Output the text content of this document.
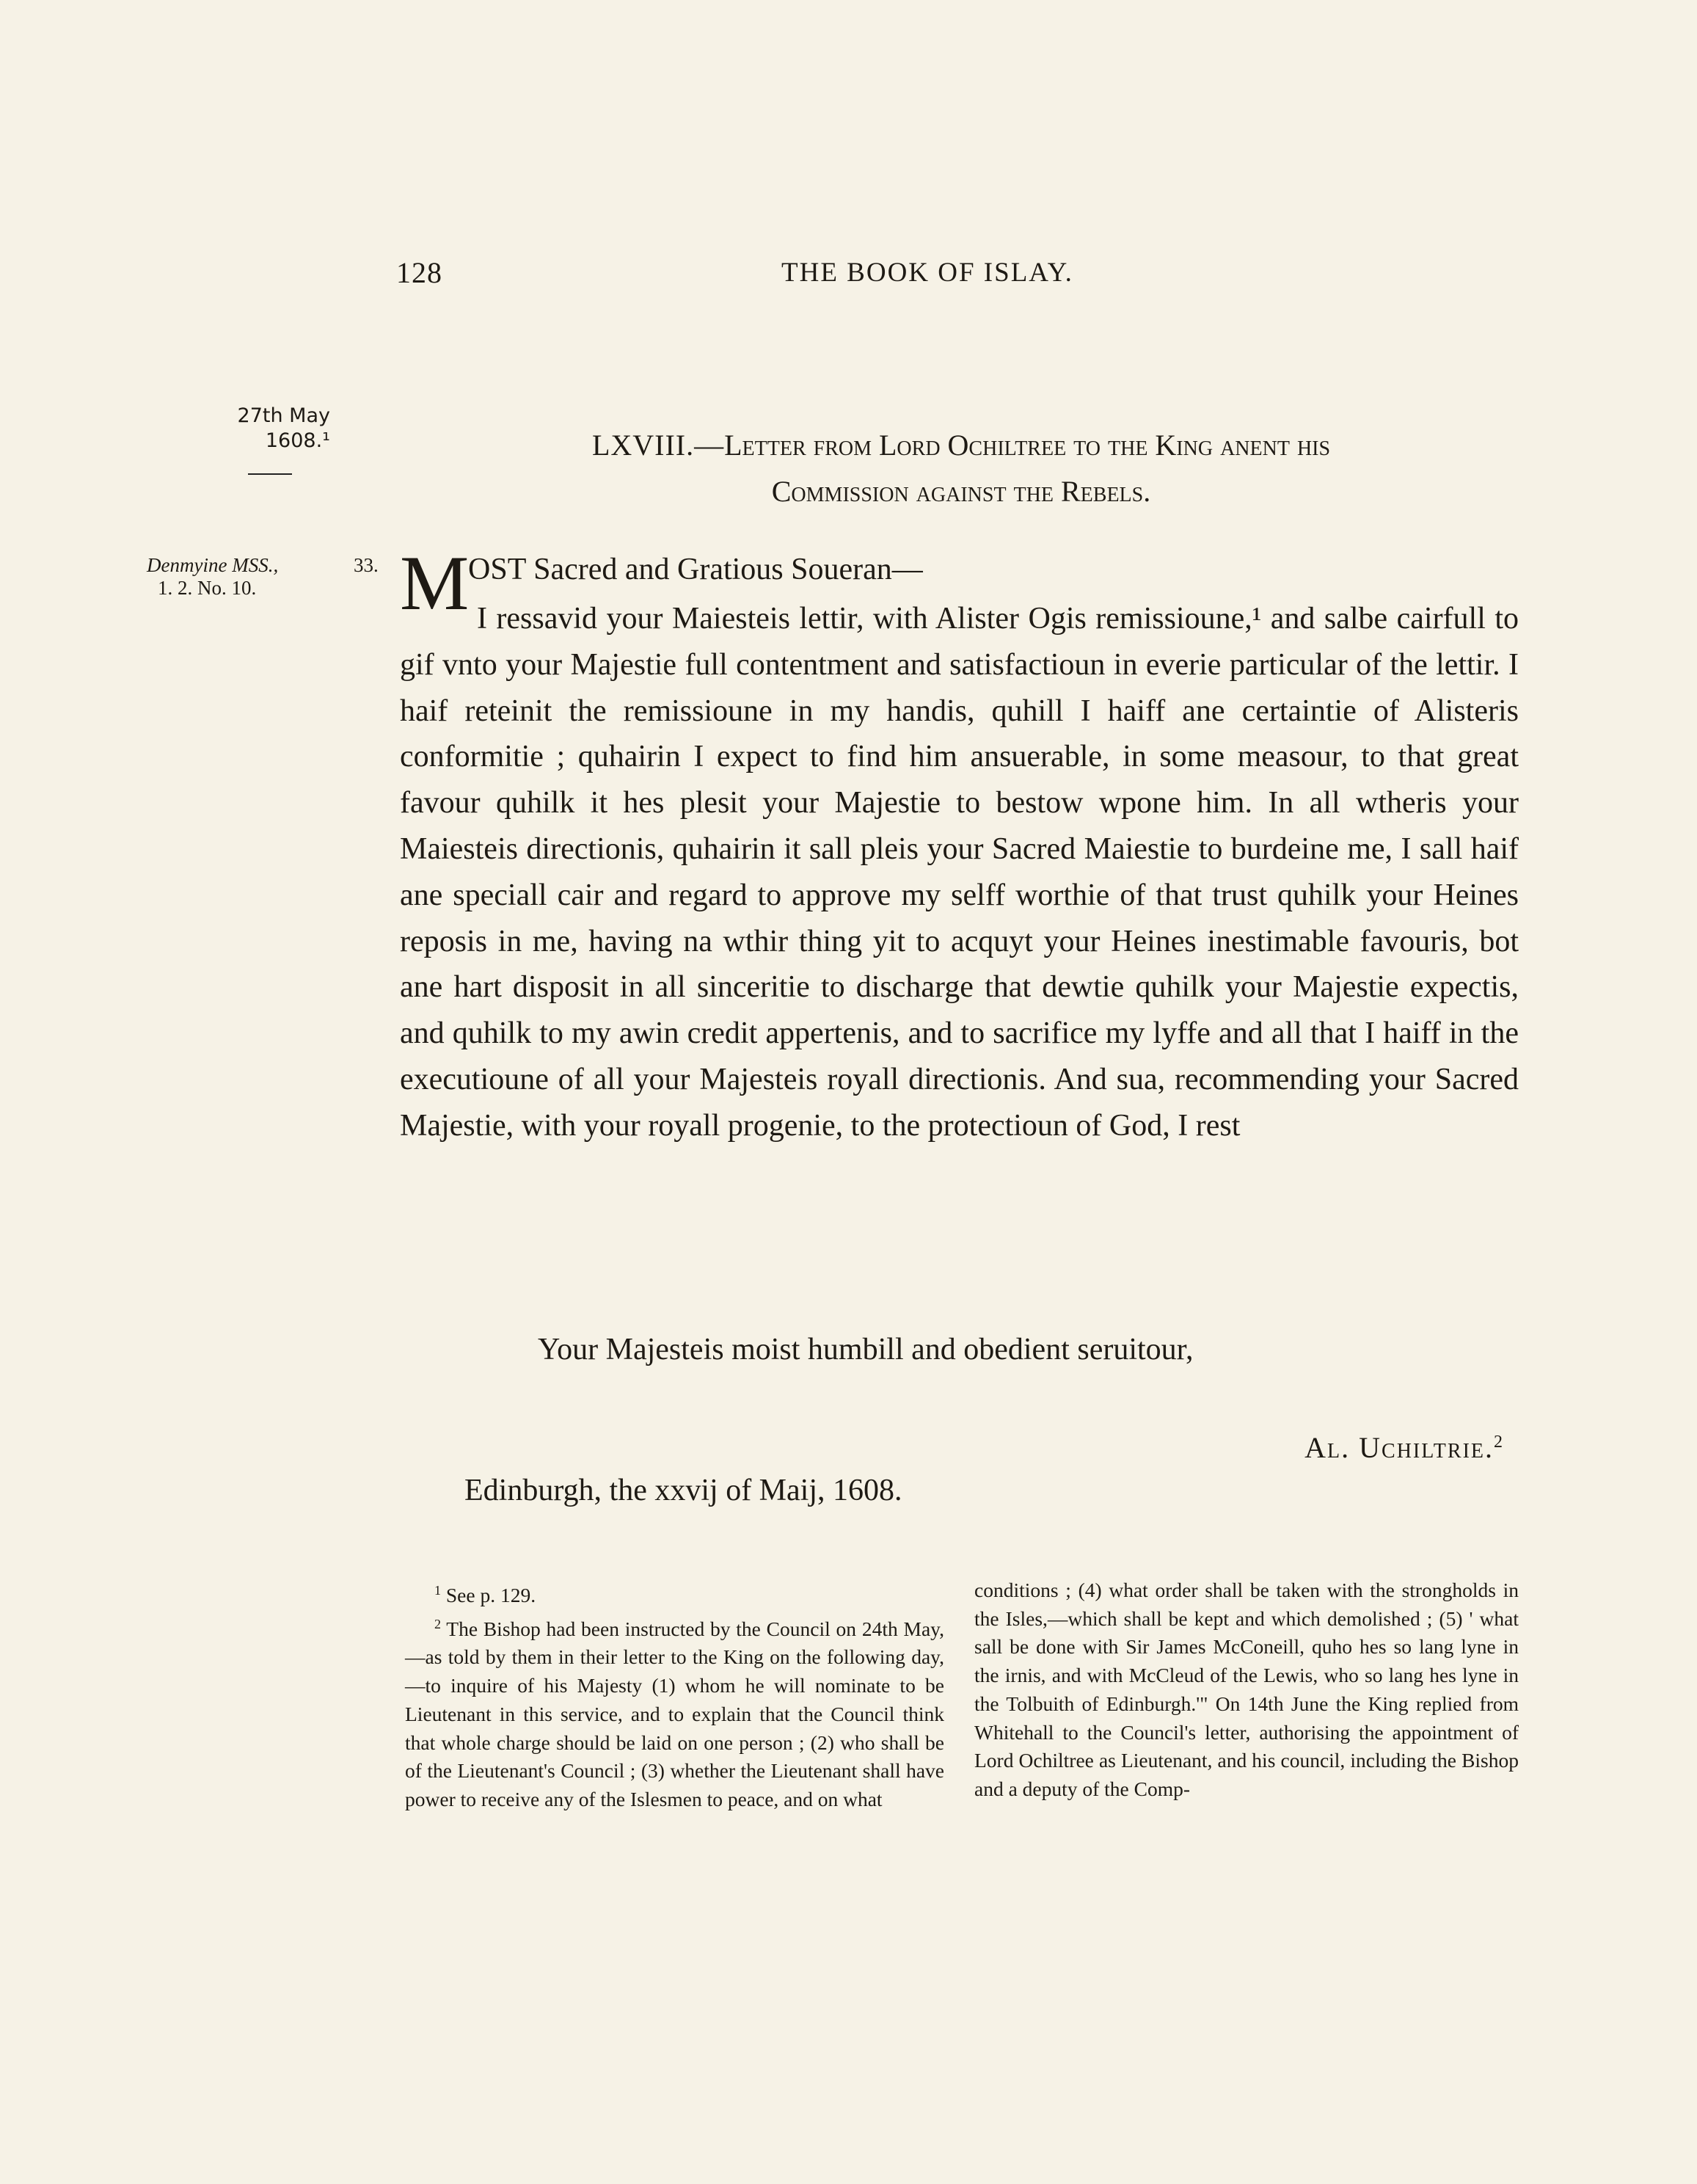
128	THE BOOK OF ISLAY.
27th May
1608.¹
Denmyine MSS.,	33.
1. 2. No. 10.
LXVIII.—Letter from Lord Ochiltree to the King anent his
Commission against the Rebels.
M
OST Sacred and Gratious Soueran—

I ressavid your Maiesteis lettir, with Alister Ogis remissioune,¹ and salbe cairfull to gif vnto your Majestie full contentment and satisfactioun in everie particular of the lettir. I haif reteinit the remissioune in my handis, quhill I haiff ane certaintie of Alisteris conformitie ; quhairin I expect to find him ansuerable, in some measour, to that great favour quhilk it hes plesit your Majestie to bestow wpone him. In all wtheris your Maiesteis directionis, quhairin it sall pleis your Sacred Maiestie to burdeine me, I sall haif ane speciall cair and regard to approve my selff worthie of that trust quhilk your Heines reposis in me, having na wthir thing yit to acquyt your Heines inestimable favouris, bot ane hart disposit in all sinceritie to discharge that dewtie quhilk your Majestie expectis, and quhilk to my awin credit appertenis, and to sacrifice my lyffe and all that I haiff in the executioune of all your Majesteis royall directionis. And sua, recommending your Sacred Majestie, with your royall progenie, to the protectioun of God, I rest

Your Majesteis moist humbill and obedient seruitour,
Al. Uchiltrie.$^2$
Edinburgh, the xxvij of Maij, 1608.

$^1$ See p. 129.

$^2$ The Bishop had been instructed by the Council on 24th May,—as told by them in their letter to the King on the following day,—to inquire of his Majesty (1) whom he will nominate to be Lieutenant in this service, and to explain that the Council think that whole charge should be laid on one person ; (2) who shall be of the Lieutenant's Council ; (3) whether the Lieutenant shall have power to receive any of the Islesmen to peace, and on what

conditions ; (4) what order shall be taken with the strongholds in the Isles,—which shall be kept and which demolished ; (5) ' what sall be done with Sir James McConeill, quho hes so lang lyne in the irnis, and with McCleud of the Lewis, who so lang hes lyne in the Tolbuith of Edinburgh.'" On 14th June the King replied from Whitehall to the Council's letter, authorising the appointment of Lord Ochiltree as Lieutenant, and his council, including the Bishop and a deputy of the Comp-
